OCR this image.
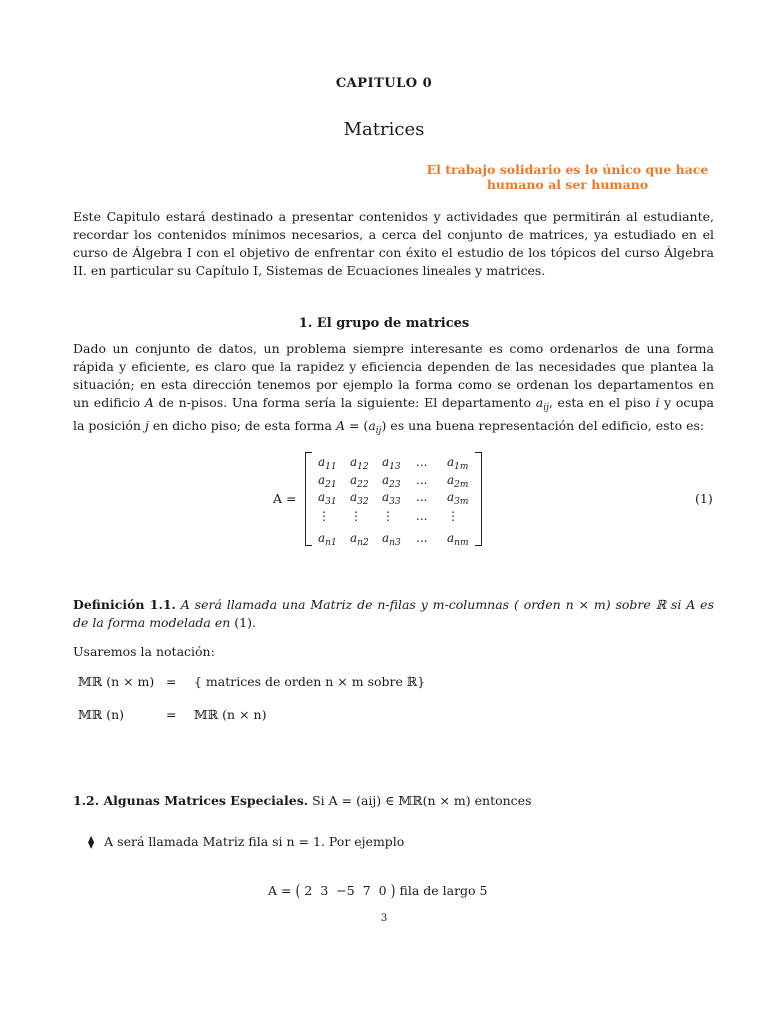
CAPITULO 0
Matrices
El trabajo solidario es lo único que hace
humano al ser humano
Este Capitulo estará destinado a presentar contenidos y actividades que permitirán al estudiante, recordar los contenidos mínimos necesarios, a cerca del conjunto de matrices, ya estudiado en el curso de Álgebra I con el objetivo de enfrentar con éxito el estudio de los tópicos del curso Álgebra II. en particular su Capítulo I, Sistemas de Ecuaciones lineales y matrices.
1. El grupo de matrices
Dado un conjunto de datos, un problema siempre interesante es como ordenarlos de una forma rápida y eficiente, es claro que la rapidez y eficiencia dependen de las necesidades que plantea la situación; en esta dirección tenemos por ejemplo la forma como se ordenan los departamentos en un edificio A de n-pisos. Una forma sería la siguiente: El departamento $a_{ij}$, esta en el piso i y ocupa la posición j en dicho piso; de esta forma $A = (a_{ij})$ es una buena representación del edificio, esto es:
A =
$a_{11}$ $a_{12}$ $a_{13}$ ... $a_{1m}$
$a_{21}$ $a_{22}$ $a_{23}$ ... $a_{2m}$
$a_{31}$ $a_{32}$ $a_{33}$ ... $a_{3m}$
⋮ ⋮ ⋮ ... ⋮
$a_{n1}$ $a_{n2}$ $a_{n3}$ ... $a_{nm}$
(1)
Definición 1.1. A será llamada una Matriz de n-filas y m-columnas ( orden n × m) sobre ℝ si A es de la forma modelada en (1).
Usaremos la notación:
𝕄ℝ (n × m) = { matrices de orden n × m sobre ℝ}
𝕄ℝ (n)	= 𝕄ℝ (n × n)
1.2. Algunas Matrices Especiales. Si A = (aij) ∈ 𝕄ℝ(n × m) entonces
⧫ A será llamada Matriz fila si n = 1. Por ejemplo
A = ( 2 3 −5 7 0 ) fila de largo 5
3
